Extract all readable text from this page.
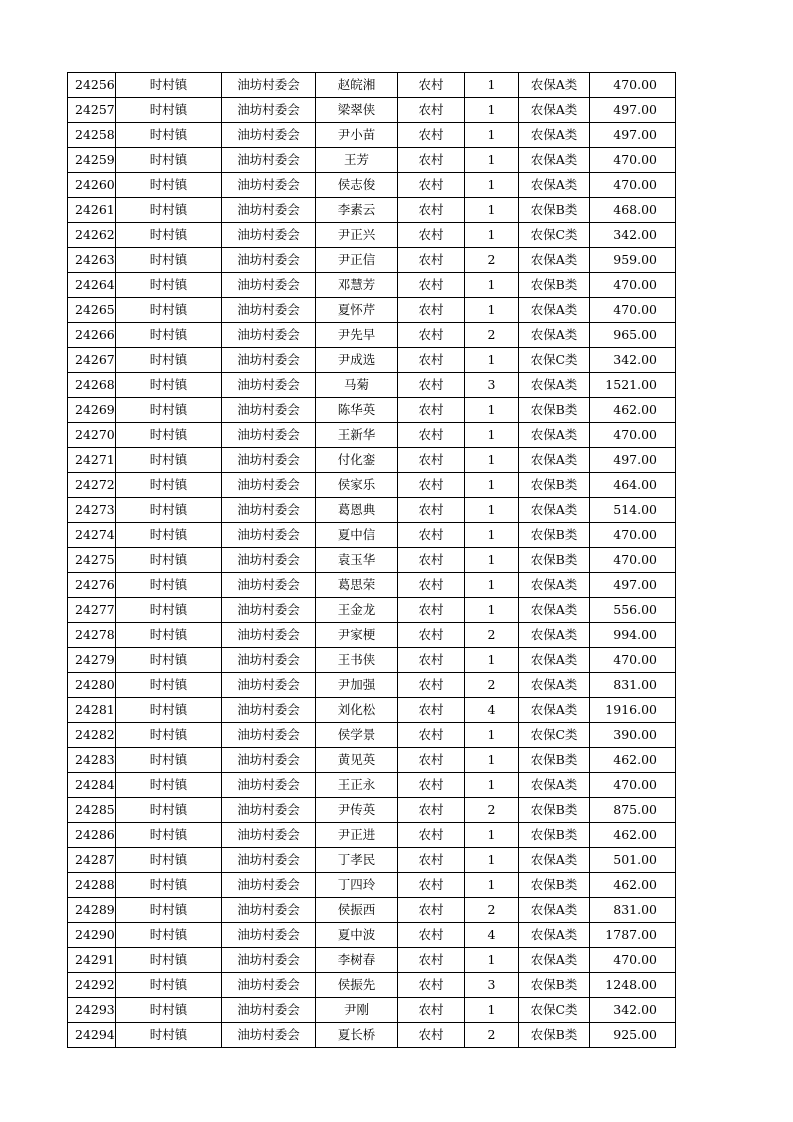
24256	时村镇	油坊村委会	赵皖湘	农村	1	农保A类	470.00
24257	时村镇	油坊村委会	梁翠侠	农村	1	农保A类	497.00
24258	时村镇	油坊村委会	尹小苗	农村	1	农保A类	497.00
24259	时村镇	油坊村委会	王芳	农村	1	农保A类	470.00
24260	时村镇	油坊村委会	侯志俊	农村	1	农保A类	470.00
24261	时村镇	油坊村委会	李素云	农村	1	农保B类	468.00
24262	时村镇	油坊村委会	尹正兴	农村	1	农保C类	342.00
24263	时村镇	油坊村委会	尹正信	农村	2	农保A类	959.00
24264	时村镇	油坊村委会	邓慧芳	农村	1	农保B类	470.00
24265	时村镇	油坊村委会	夏怀芹	农村	1	农保A类	470.00
24266	时村镇	油坊村委会	尹先早	农村	2	农保A类	965.00
24267	时村镇	油坊村委会	尹成选	农村	1	农保C类	342.00
24268	时村镇	油坊村委会	马菊	农村	3	农保A类	1521.00
24269	时村镇	油坊村委会	陈华英	农村	1	农保B类	462.00
24270	时村镇	油坊村委会	王新华	农村	1	农保A类	470.00
24271	时村镇	油坊村委会	付化銮	农村	1	农保A类	497.00
24272	时村镇	油坊村委会	侯家乐	农村	1	农保B类	464.00
24273	时村镇	油坊村委会	葛恩典	农村	1	农保A类	514.00
24274	时村镇	油坊村委会	夏中信	农村	1	农保B类	470.00
24275	时村镇	油坊村委会	袁玉华	农村	1	农保B类	470.00
24276	时村镇	油坊村委会	葛思荣	农村	1	农保A类	497.00
24277	时村镇	油坊村委会	王金龙	农村	1	农保A类	556.00
24278	时村镇	油坊村委会	尹家梗	农村	2	农保A类	994.00
24279	时村镇	油坊村委会	王书侠	农村	1	农保A类	470.00
24280	时村镇	油坊村委会	尹加强	农村	2	农保A类	831.00
24281	时村镇	油坊村委会	刘化松	农村	4	农保A类	1916.00
24282	时村镇	油坊村委会	侯学景	农村	1	农保C类	390.00
24283	时村镇	油坊村委会	黄见英	农村	1	农保B类	462.00
24284	时村镇	油坊村委会	王正永	农村	1	农保A类	470.00
24285	时村镇	油坊村委会	尹传英	农村	2	农保B类	875.00
24286	时村镇	油坊村委会	尹正进	农村	1	农保B类	462.00
24287	时村镇	油坊村委会	丁孝民	农村	1	农保A类	501.00
24288	时村镇	油坊村委会	丁四玲	农村	1	农保B类	462.00
24289	时村镇	油坊村委会	侯振西	农村	2	农保A类	831.00
24290	时村镇	油坊村委会	夏中波	农村	4	农保A类	1787.00
24291	时村镇	油坊村委会	李树春	农村	1	农保A类	470.00
24292	时村镇	油坊村委会	侯振先	农村	3	农保B类	1248.00
24293	时村镇	油坊村委会	尹刚	农村	1	农保C类	342.00
24294	时村镇	油坊村委会	夏长桥	农村	2	农保B类	925.00
